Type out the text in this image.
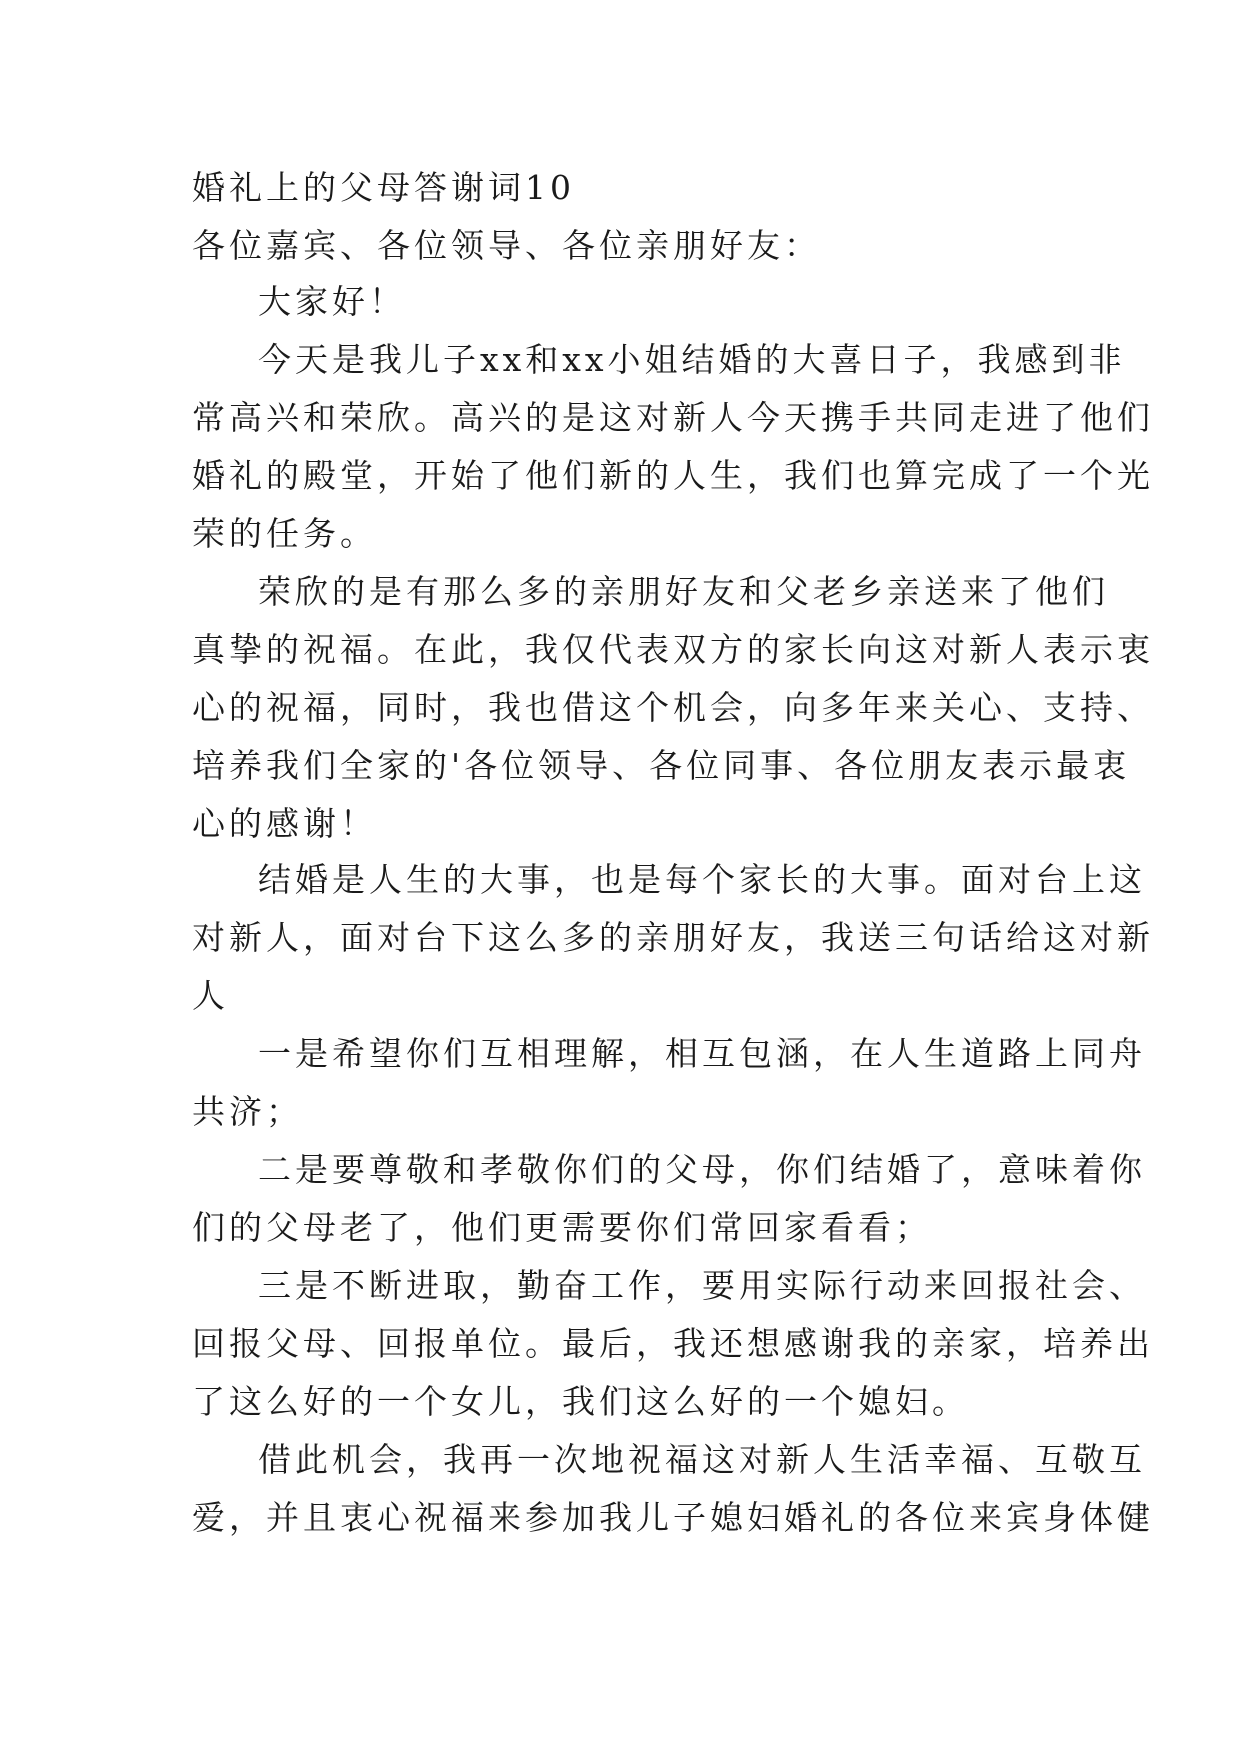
婚礼上的父母答谢词10

各位嘉宾、各位领导、各位亲朋好友：

大家好！

今天是我儿子xx和xx小姐结婚的大喜日子，我感到非

常高兴和荣欣。高兴的是这对新人今天携手共同走进了他们

婚礼的殿堂，开始了他们新的人生，我们也算完成了一个光

荣的任务。

荣欣的是有那么多的亲朋好友和父老乡亲送来了他们

真挚的祝福。在此，我仅代表双方的家长向这对新人表示衷

心的祝福，同时，我也借这个机会，向多年来关心、支持、

培养我们全家的'各位领导、各位同事、各位朋友表示最衷

心的感谢！

结婚是人生的大事，也是每个家长的大事。面对台上这

对新人，面对台下这么多的亲朋好友，我送三句话给这对新

人

一是希望你们互相理解，相互包涵，在人生道路上同舟

共济；

二是要尊敬和孝敬你们的父母，你们结婚了，意味着你

们的父母老了，他们更需要你们常回家看看；

三是不断进取，勤奋工作，要用实际行动来回报社会、

回报父母、回报单位。最后，我还想感谢我的亲家，培养出

了这么好的一个女儿，我们这么好的一个媳妇。

借此机会，我再一次地祝福这对新人生活幸福、互敬互

爱，并且衷心祝福来参加我儿子媳妇婚礼的各位来宾身体健
